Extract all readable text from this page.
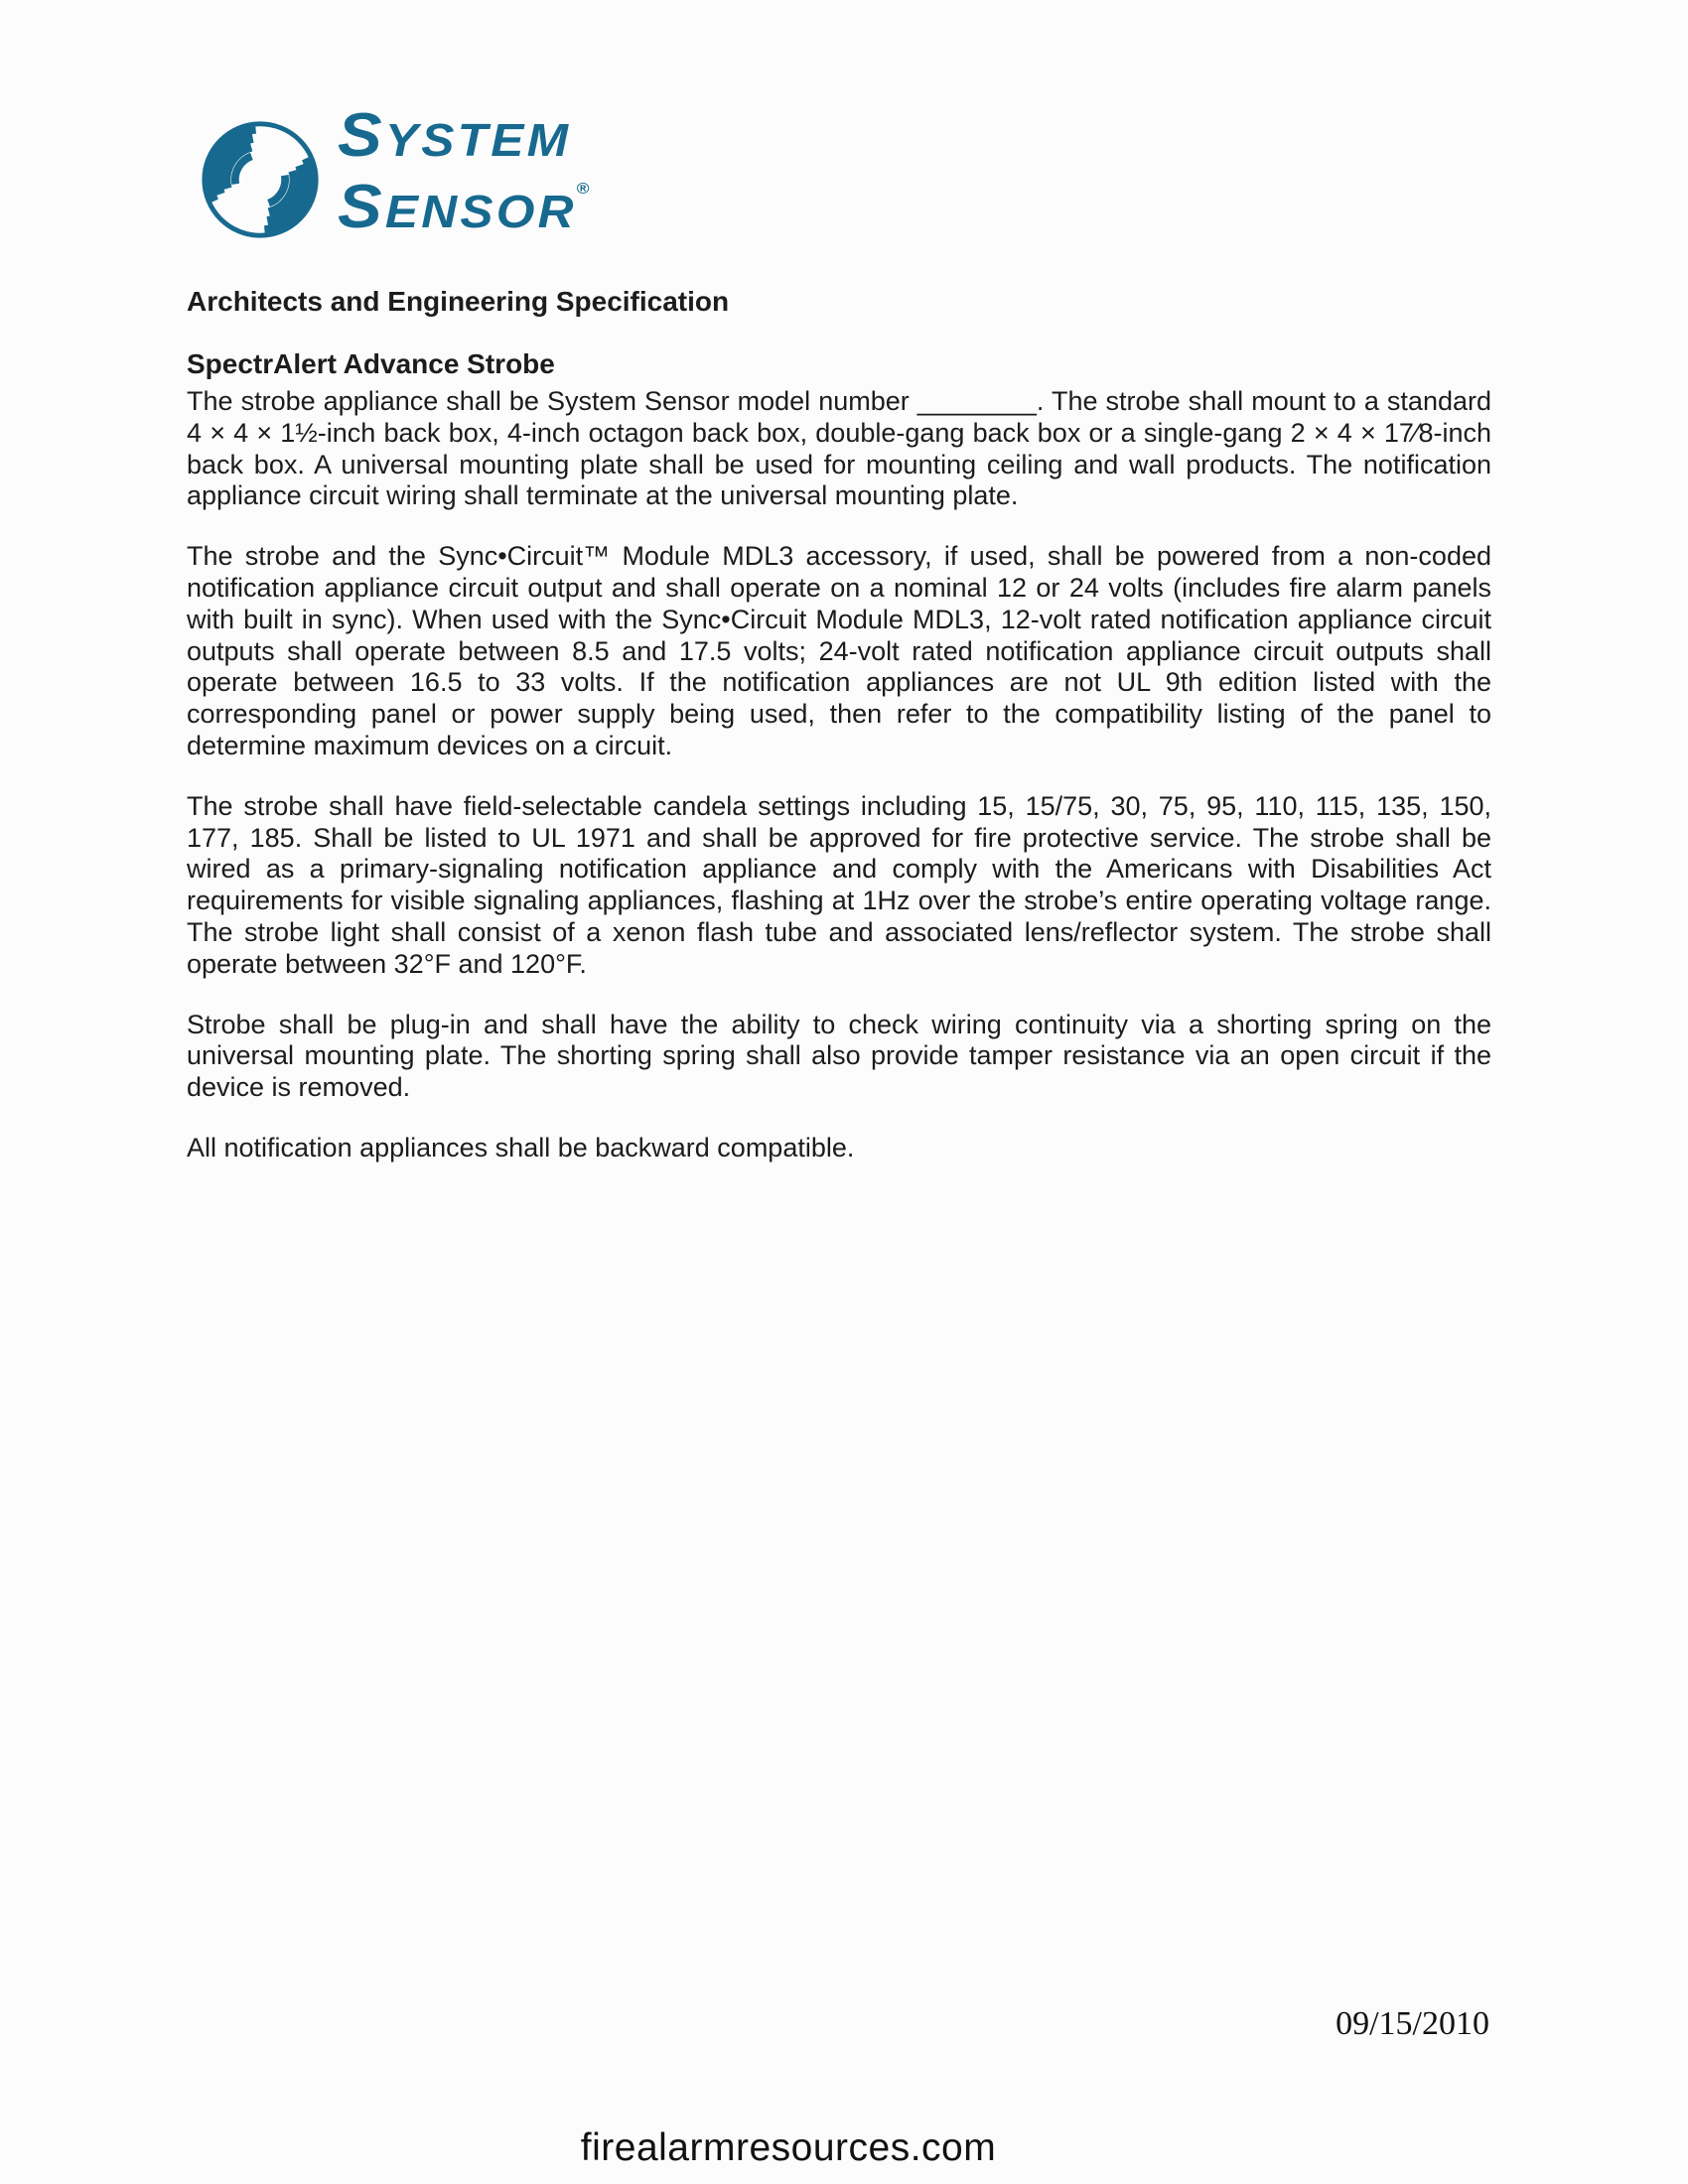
SYSTEM
SENSOR®
Architects and Engineering Specification
SpectrAlert Advance Strobe

The strobe appliance shall be System Sensor model number ________. The strobe shall mount to a standard 4 × 4 × 1½-inch back box, 4-inch octagon back box, double-gang back box or a single-gang 2 × 4 × 17⁄8-inch back box. A universal mounting plate shall be used for mounting ceiling and wall products. The notification appliance circuit wiring shall terminate at the universal mounting plate.

The strobe and the Sync•Circuit™ Module MDL3 accessory, if used, shall be powered from a non-coded notification appliance circuit output and shall operate on a nominal 12 or 24 volts (includes fire alarm panels with built in sync). When used with the Sync•Circuit Module MDL3, 12-volt rated notification appliance circuit outputs shall operate between 8.5 and 17.5 volts; 24-volt rated notification appliance circuit outputs shall operate between 16.5 to 33 volts. If the notification appliances are not UL 9th edition listed with the corresponding panel or power supply being used, then refer to the compatibility listing of the panel to determine maximum devices on a circuit.

The strobe shall have field-selectable candela settings including 15, 15/75, 30, 75, 95, 110, 115, 135, 150, 177, 185. Shall be listed to UL 1971 and shall be approved for fire protective service. The strobe shall be wired as a primary-signaling notification appliance and comply with the Americans with Disabilities Act requirements for visible signaling appliances, flashing at 1Hz over the strobe’s entire operating voltage range. The strobe light shall consist of a xenon flash tube and associated lens/reflector system. The strobe shall operate between 32°F and 120°F.

Strobe shall be plug-in and shall have the ability to check wiring continuity via a shorting spring on the universal mounting plate. The shorting spring shall also provide tamper resistance via an open circuit if the device is removed.

All notification appliances shall be backward compatible.

09/15/2010
firealarmresources.com
